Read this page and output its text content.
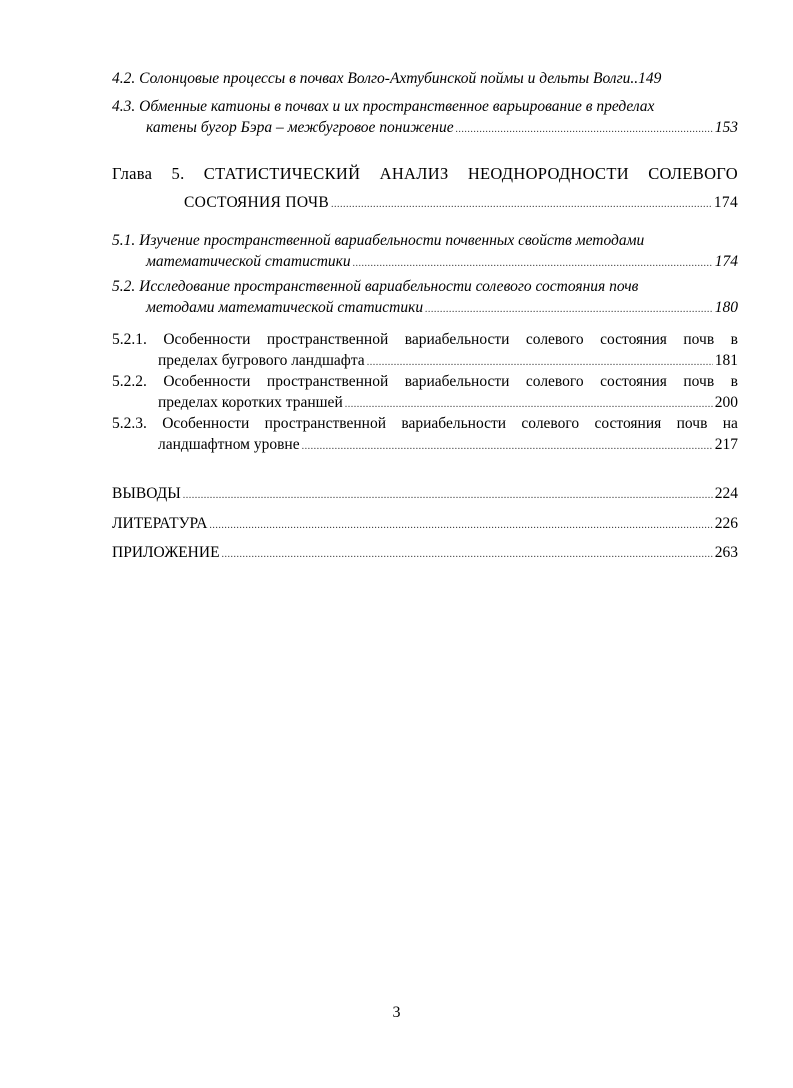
4.2. Солонцовые процессы в почвах Волго-Ахтубинской поймы и дельты Волги .. 149
4.3. Обменные катионы в почвах и их пространственное варьирование в пределах
катены бугор Бэра – межбугровое понижение .....	153
Глава 5. СТАТИСТИЧЕСКИЙ АНАЛИЗ НЕОДНОРОДНОСТИ СОЛЕВОГО
СОСТОЯНИЯ ПОЧВ .....	174
5.1. Изучение пространственной вариабельности почвенных свойств методами
математической статистики .....	174
5.2. Исследование пространственной вариабельности солевого состояния почв
методами математической статистики .....	180
5.2.1. Особенности пространственной вариабельности солевого состояния почв в
пределах бугрового ландшафта .....	181
5.2.2. Особенности пространственной вариабельности солевого состояния почв в
пределах коротких траншей .....	200
5.2.3. Особенности пространственной вариабельности солевого состояния почв на
ландшафтном уровне .....	217
ВЫВОДЫ .....	224
ЛИТЕРАТУРА .....	226
ПРИЛОЖЕНИЕ .....	263
3
